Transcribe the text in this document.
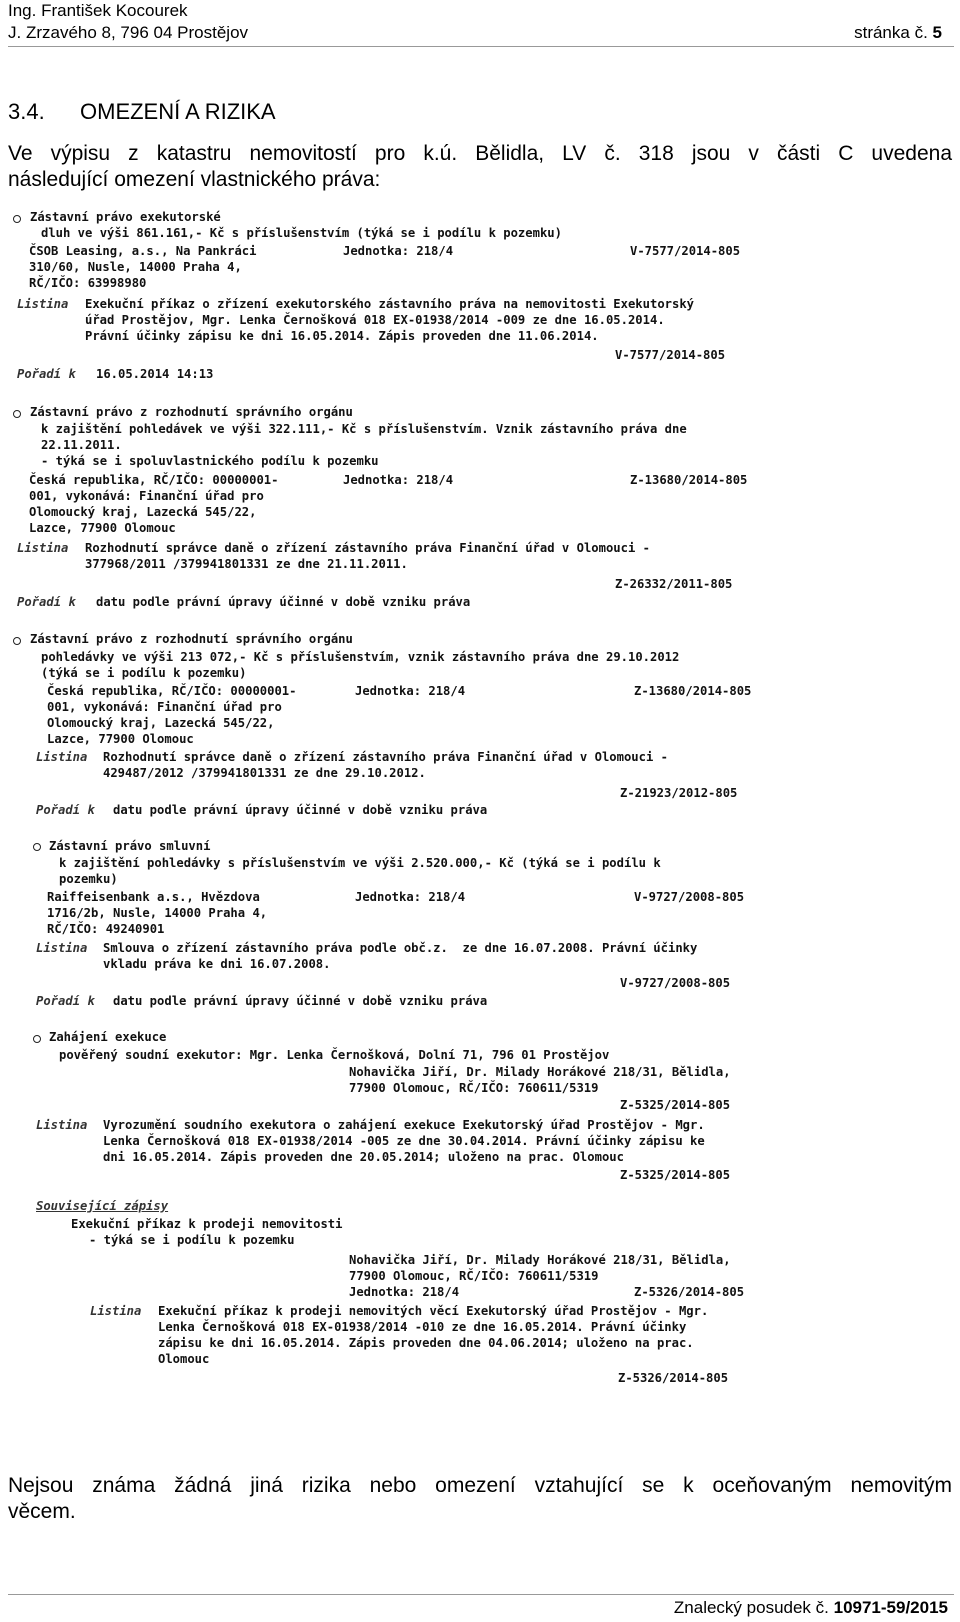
Ing. František Kocourek
J. Zrzavého 8, 796 04 Prostějov	stránka č. 5
3.4. OMEZENÍ A RIZIKA
Ve výpisu z katastru nemovitostí pro k.ú. Bělidla, LV č. 318 jsou v části C uvedena
následující omezení vlastnického práva:
Zástavní právo exekutorské
dluh ve výši 861.161,- Kč s příslušenstvím (týká se i podílu k pozemku)
ČSOB Leasing, a.s., Na Pankráci
310/60, Nusle, 14000 Praha 4,
RČ/IČO: 63998980
Jednotka: 218/4	V-7577/2014-805
Listina Exekuční příkaz o zřízení exekutorského zástavního práva na nemovitosti Exekutorský
úřad Prostějov, Mgr. Lenka Černošková 018 EX-01938/2014 -009 ze dne 16.05.2014.
Právní účinky zápisu ke dni 16.05.2014. Zápis proveden dne 11.06.2014.
V-7577/2014-805
Pořadí k 16.05.2014 14:13
Zástavní právo z rozhodnutí správního orgánu
k zajištění pohledávek ve výši 322.111,- Kč s příslušenstvím. Vznik zástavního práva dne
22.11.2011.
- týká se i spoluvlastnického podílu k pozemku
Česká republika, RČ/IČO: 00000001-
001, vykonává: Finanční úřad pro
Olomoucký kraj, Lazecká 545/22,
Lazce, 77900 Olomouc
Jednotka: 218/4	Z-13680/2014-805
Listina Rozhodnutí správce daně o zřízení zástavního práva Finanční úřad v Olomouci -
377968/2011 /379941801331 ze dne 21.11.2011.
Z-26332/2011-805
Pořadí k datu podle právní úpravy účinné v době vzniku práva
Zástavní právo z rozhodnutí správního orgánu
pohledávky ve výši 213 072,- Kč s příslušenstvím, vznik zástavního práva dne 29.10.2012
(týká se i podílu k pozemku)
Česká republika, RČ/IČO: 00000001-
001, vykonává: Finanční úřad pro
Olomoucký kraj, Lazecká 545/22,
Lazce, 77900 Olomouc
Jednotka: 218/4	Z-13680/2014-805
Listina Rozhodnutí správce daně o zřízení zástavního práva Finanční úřad v Olomouci -
429487/2012 /379941801331 ze dne 29.10.2012.
Z-21923/2012-805
Pořadí k datu podle právní úpravy účinné v době vzniku práva
Zástavní právo smluvní
k zajištění pohledávky s příslušenstvím ve výši 2.520.000,- Kč (týká se i podílu k
pozemku)
Raiffeisenbank a.s., Hvězdova
1716/2b, Nusle, 14000 Praha 4,
RČ/IČO: 49240901
Jednotka: 218/4	V-9727/2008-805
Listina Smlouva o zřízení zástavního práva podle obč.z.  ze dne 16.07.2008. Právní účinky
vkladu práva ke dni 16.07.2008.
V-9727/2008-805
Pořadí k datu podle právní úpravy účinné v době vzniku práva
Zahájení exekuce
pověřený soudní exekutor: Mgr. Lenka Černošková, Dolní 71, 796 01 Prostějov
Nohavička Jiří, Dr. Milady Horákové 218/31, Bělidla,
77900 Olomouc, RČ/IČO: 760611/5319
Z-5325/2014-805
Listina Vyrozumění soudního exekutora o zahájení exekuce Exekutorský úřad Prostějov - Mgr.
Lenka Černošková 018 EX-01938/2014 -005 ze dne 30.04.2014. Právní účinky zápisu ke
dni 16.05.2014. Zápis proveden dne 20.05.2014; uloženo na prac. Olomouc
Z-5325/2014-805
Související zápisy
Exekuční příkaz k prodeji nemovitosti
- týká se i podílu k pozemku
Nohavička Jiří, Dr. Milady Horákové 218/31, Bělidla,
77900 Olomouc, RČ/IČO: 760611/5319
Jednotka: 218/4	Z-5326/2014-805
Listina Exekuční příkaz k prodeji nemovitých věcí Exekutorský úřad Prostějov - Mgr.
Lenka Černošková 018 EX-01938/2014 -010 ze dne 16.05.2014. Právní účinky
zápisu ke dni 16.05.2014. Zápis proveden dne 04.06.2014; uloženo na prac.
Olomouc
Z-5326/2014-805
Nejsou známa žádná jiná rizika nebo omezení vztahující se k oceňovaným nemovitým
věcem.
Znalecký posudek č. 10971-59/2015
